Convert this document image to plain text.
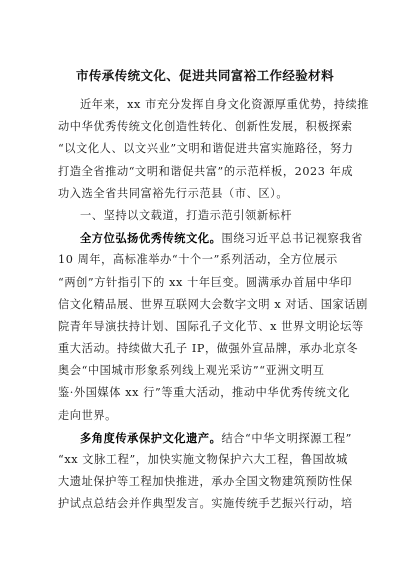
市传承传统文化、促进共同富裕工作经验材料
近年来，xx 市充分发挥自身文化资源厚重优势，持续推
动中华优秀传统文化创造性转化、创新性发展，积极探索
“以文化人、以文兴业”文明和谐促进共富实施路径，努力
打造全省推动“文明和谐促共富”的示范样板，2023 年成
功入选全省共同富裕先行示范县（市、区）。
一、坚持以文载道，打造示范引领新标杆
全方位弘扬优秀传统文化。围绕习近平总书记视察我省
10 周年，高标准举办“十个一”系列活动，全方位展示
“两创”方针指引下的 xx 十年巨变。圆满承办首届中华印
信文化精品展、世界互联网大会数字文明 x 对话、国家话剧
院青年导演扶持计划、国际孔子文化节、x 世界文明论坛等
重大活动。持续做大孔子 IP，做强外宣品牌，承办北京冬
奥会“中国城市形象系列线上观光采访”“亚洲文明互
鉴·外国媒体 xx 行”等重大活动，推动中华优秀传统文化
走向世界。
多角度传承保护文化遗产。结合“中华文明探源工程”
“xx 文脉工程”，加快实施文物保护六大工程，鲁国故城
大遗址保护等工程加快推进，承办全国文物建筑预防性保
护试点总结会并作典型发言。实施传统手艺振兴行动，培
